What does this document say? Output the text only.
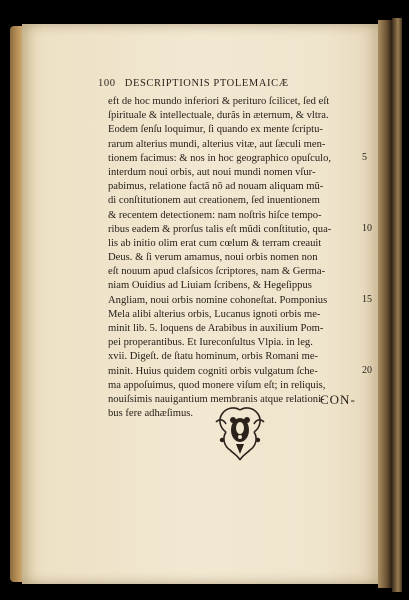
100 DESCRIPTIONIS PTOLEMAICÆ
eft de hoc mundo inferiori & perituro ſcilicet, ſed eſt
ſpirituale & intellectuale, durãs in æternum, & vltra.
Eodem ſenſu loquimur, ſi quando ex mente ſcriptu-
rarum alterius mundi, alterius vitæ, aut ſæculi men-
tionem facimus: & nos in hoc geographico opuſculo,
interdum noui orbis, aut noui mundi nomen vſur-
pabimus, relatione factã nõ ad nouam aliquam mũ-
di conſtitutionem aut creationem, ſed inuentionem
& recentem detectionem: nam noſtris hiſce tempo-
ribus eadem & prorſus talis eſt mũdi conſtitutio, qua-
lis ab initio olim erat cum cœlum & terram creauit
Deus. & ſi verum amamus, noui orbis nomen non
eſt nouum apud claſsicos ſcriptores, nam & Germa-
niam Ouidius ad Liuiam ſcribens, & Hegeſippus
Angliam, noui orbis nomine cohoneſtat. Pomponius
Mela alibi alterius orbis, Lucanus ignoti orbis me-
minit lib. 5. loquens de Arabibus in auxilium Pom-
pei properantibus. Et Iureconſultus Vlpia. in leg.
xvii. Digeſt. de ſtatu hominum, orbis Romani me-
minit. Huius quidem cogniti orbis vulgatum ſche-
ma appoſuimus, quod monere viſum eſt; in reliquis,
nouiſsimis nauigantium membranis atque relationi-
bus fere adhæſimus.
5
10
15
20
CON-
